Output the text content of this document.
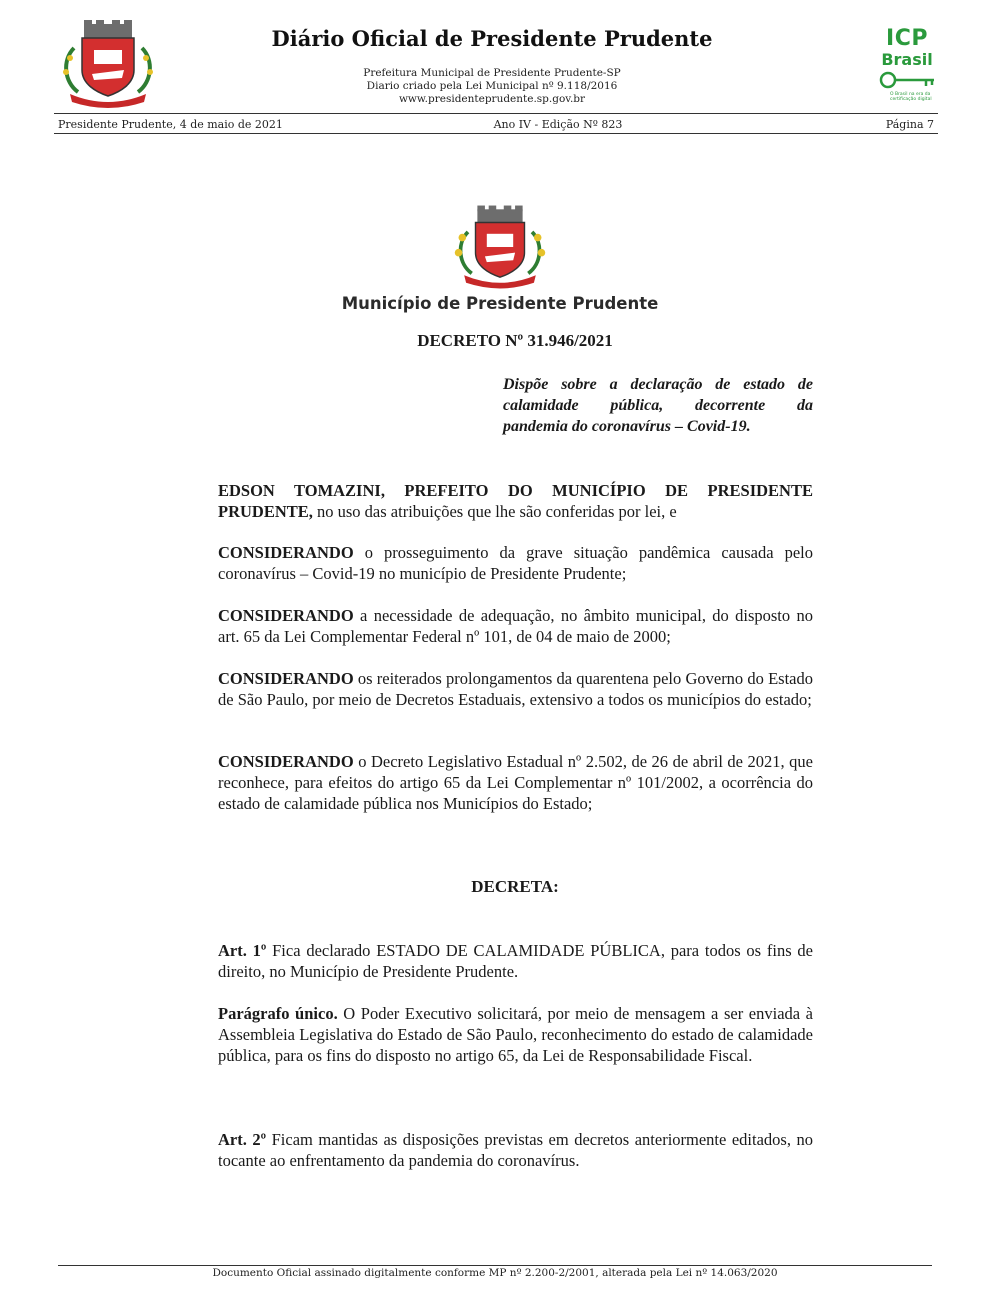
Diário Oficial de Presidente Prudente
Prefeitura Municipal de Presidente Prudente-SP
Diario criado pela Lei Municipal nº 9.118/2016
www.presidenteprudente.sp.gov.br
ICP
Brasil
O Brasil na era da certificação digital
Presidente Prudente, 4 de maio de 2021	Ano IV - Edição Nº 823	Página 7
Município de Presidente Prudente
DECRETO Nº 31.946/2021
Dispõe sobre a declaração de estado de
calamidade pública, decorrente da
pandemia do coronavírus – Covid-19.
EDSON TOMAZINI, PREFEITO DO MUNICÍPIO DE PRESIDENTE PRUDENTE, no uso das atribuições que lhe são conferidas por lei, e
CONSIDERANDO o prosseguimento da grave situação pandêmica causada pelo coronavírus – Covid-19 no município de Presidente Prudente;
CONSIDERANDO a necessidade de adequação, no âmbito municipal, do disposto no art. 65 da Lei Complementar Federal nº 101, de 04 de maio de 2000;
CONSIDERANDO os reiterados prolongamentos da quarentena pelo Governo do Estado de São Paulo, por meio de Decretos Estaduais, extensivo a todos os municípios do estado;
CONSIDERANDO o Decreto Legislativo Estadual nº 2.502, de 26 de abril de 2021, que reconhece, para efeitos do artigo 65 da Lei Complementar nº 101/2002, a ocorrência do estado de calamidade pública nos Municípios do Estado;
DECRETA:
Art. 1º Fica declarado ESTADO DE CALAMIDADE PÚBLICA, para todos os fins de direito, no Município de Presidente Prudente.
Parágrafo único. O Poder Executivo solicitará, por meio de mensagem a ser enviada à Assembleia Legislativa do Estado de São Paulo, reconhecimento do estado de calamidade pública, para os fins do disposto no artigo 65, da Lei de Responsabilidade Fiscal.
Art. 2º Ficam mantidas as disposições previstas em decretos anteriormente editados, no tocante ao enfrentamento da pandemia do coronavírus.
Documento Oficial assinado digitalmente conforme MP nº 2.200-2/2001, alterada pela Lei nº 14.063/2020
